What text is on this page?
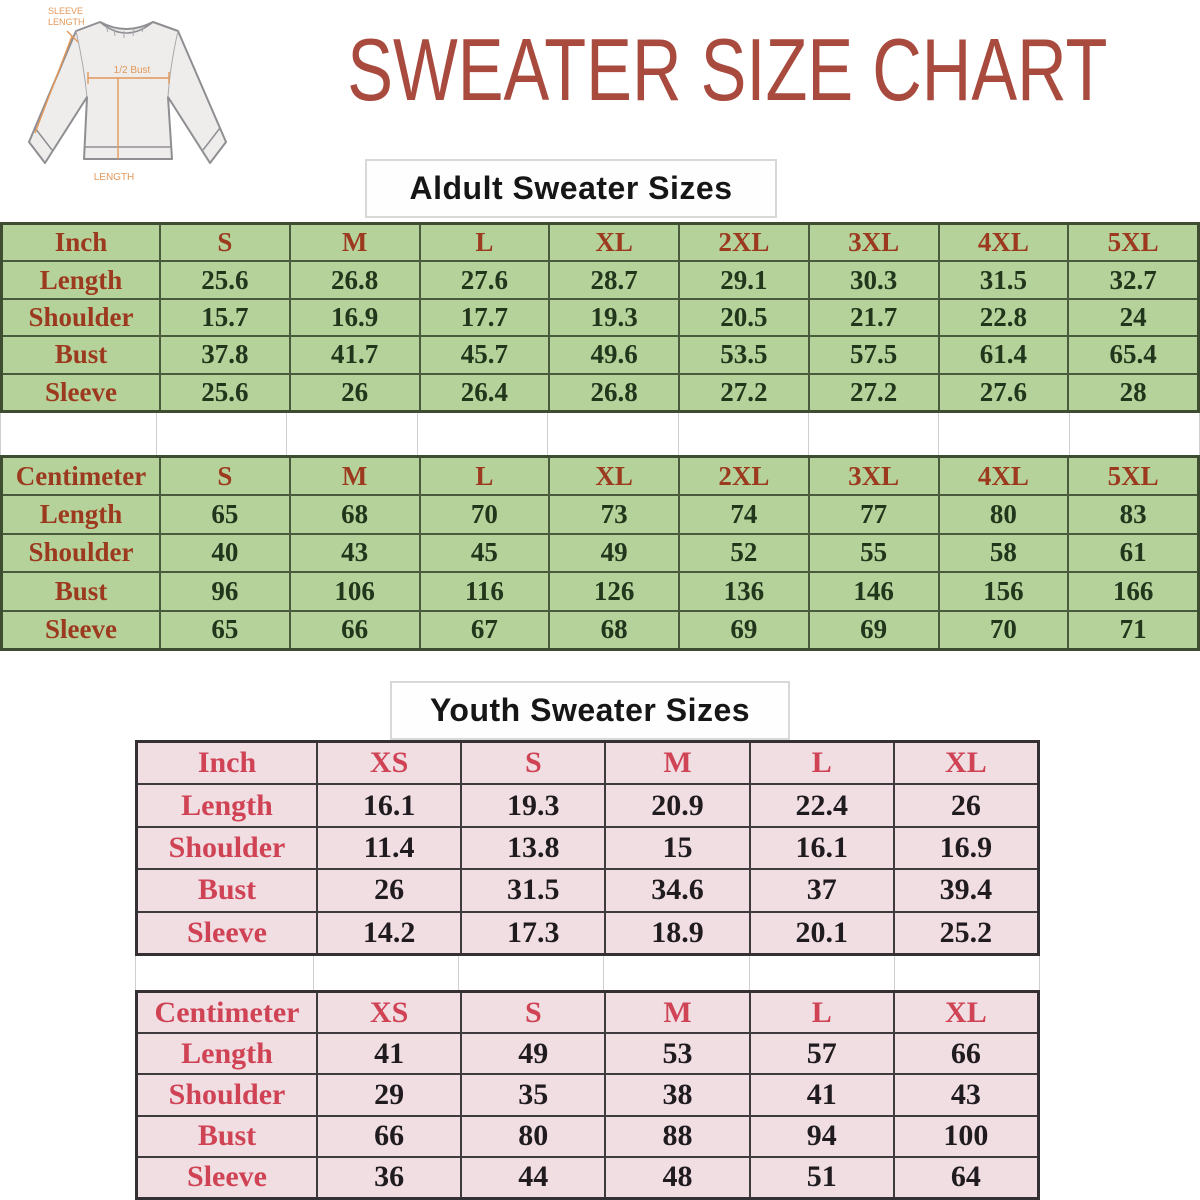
SLEEVE
LENGTH
1/2 Bust
LENGTH
SWEATER SIZE CHART
Aldult Sweater Sizes
Inch	S	M	L	XL	2XL	3XL	4XL	5XL
Length	25.6	26.8	27.6	28.7	29.1	30.3	31.5	32.7
Shoulder	15.7	16.9	17.7	19.3	20.5	21.7	22.8	24
Bust	37.8	41.7	45.7	49.6	53.5	57.5	61.4	65.4
Sleeve	25.6	26	26.4	26.8	27.2	27.2	27.6	28
Centimeter	S	M	L	XL	2XL	3XL	4XL	5XL
Length	65	68	70	73	74	77	80	83
Shoulder	40	43	45	49	52	55	58	61
Bust	96	106	116	126	136	146	156	166
Sleeve	65	66	67	68	69	69	70	71
Youth Sweater Sizes
Inch	XS	S	M	L	XL
Length	16.1	19.3	20.9	22.4	26
Shoulder	11.4	13.8	15	16.1	16.9
Bust	26	31.5	34.6	37	39.4
Sleeve	14.2	17.3	18.9	20.1	25.2
Centimeter	XS	S	M	L	XL
Length	41	49	53	57	66
Shoulder	29	35	38	41	43
Bust	66	80	88	94	100
Sleeve	36	44	48	51	64
